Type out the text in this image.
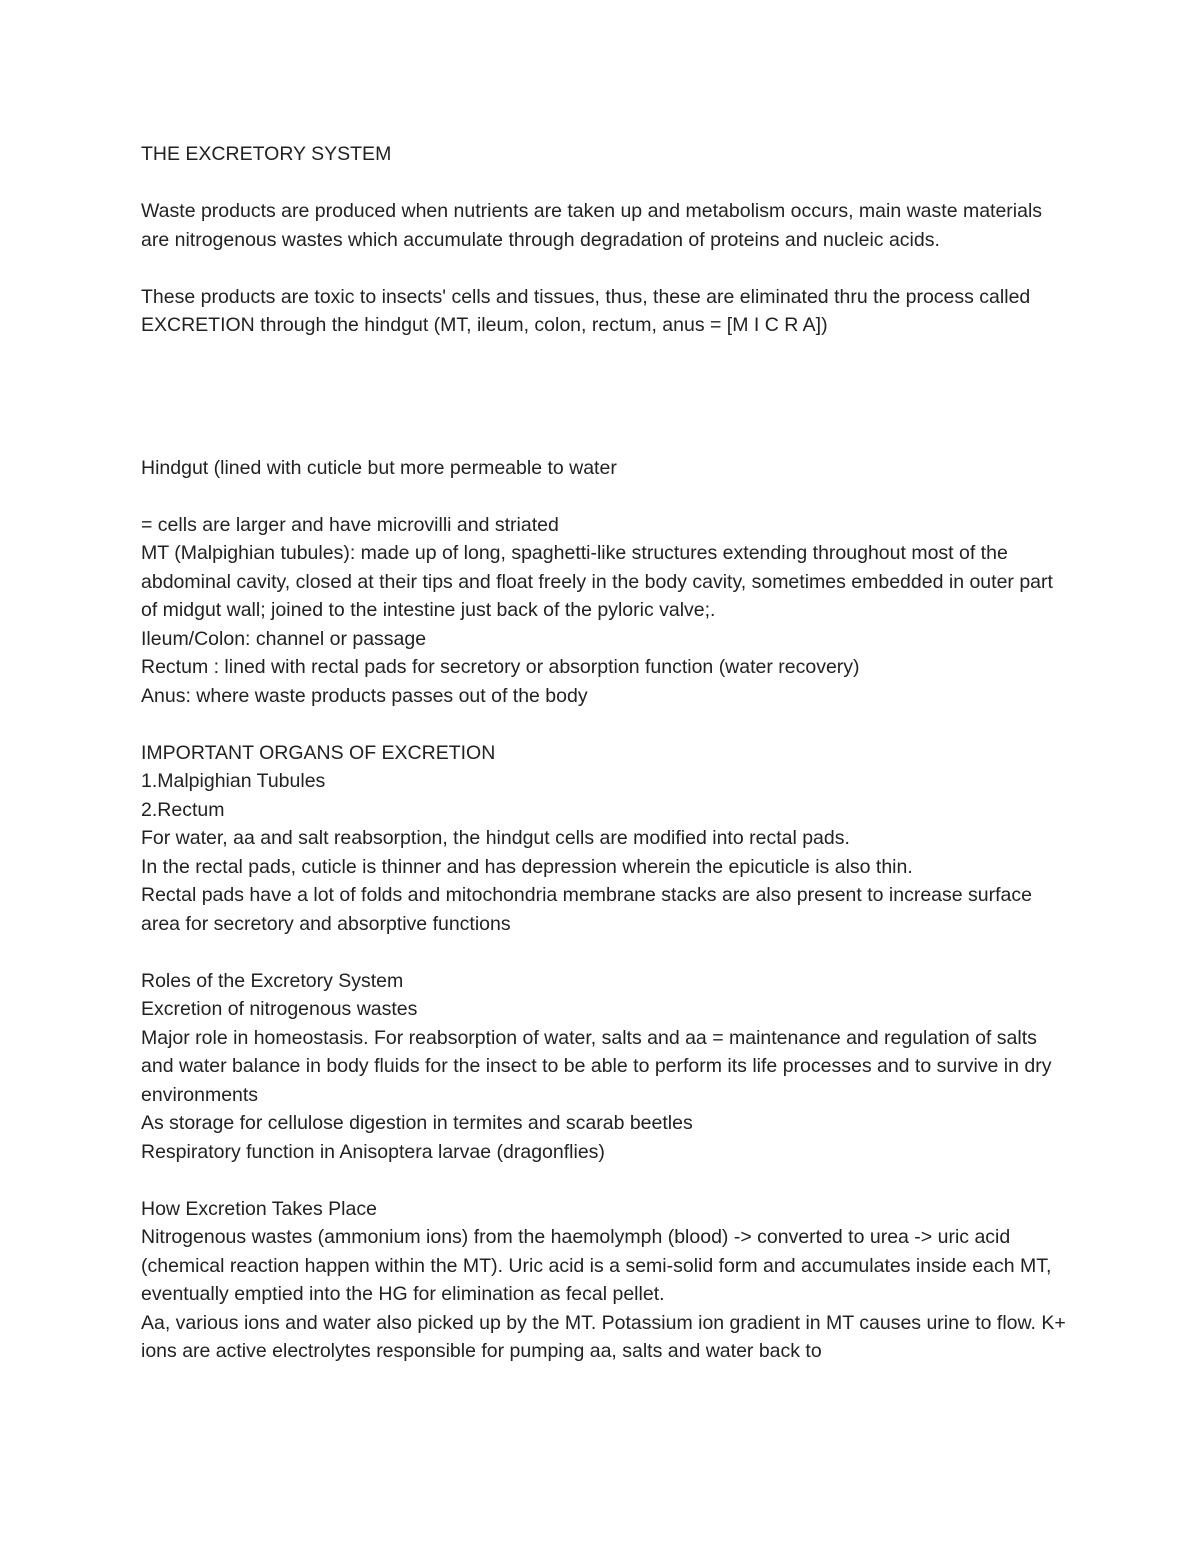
THE EXCRETORY SYSTEM

Waste products are produced when nutrients are taken up and metabolism occurs, main waste materials are nitrogenous wastes which accumulate through degradation of proteins and nucleic acids.

These products are toxic to insects' cells and tissues, thus, these are eliminated thru the process called EXCRETION through the hindgut (MT, ileum, colon, rectum, anus = [M I C R A])

Hindgut (lined with cuticle but more permeable to water

= cells are larger and have microvilli and striated

MT (Malpighian tubules): made up of long, spaghetti-like structures extending throughout most of the abdominal cavity, closed at their tips and float freely in the body cavity, sometimes embedded in outer part of midgut wall; joined to the intestine just back of the pyloric valve;.

Ileum/Colon: channel or passage

Rectum : lined with rectal pads for secretory or absorption function (water recovery)

Anus: where waste products passes out of the body

IMPORTANT ORGANS OF EXCRETION

1.Malpighian Tubules

2.Rectum

For water, aa and salt reabsorption, the hindgut cells are modified into rectal pads.

In the rectal pads, cuticle is thinner and has depression wherein the epicuticle is also thin.

Rectal pads have a lot of folds and mitochondria membrane stacks are also present to increase surface area for secretory and absorptive functions

Roles of the Excretory System

Excretion of nitrogenous wastes

Major role in homeostasis. For reabsorption of water, salts and aa = maintenance and regulation of salts and water balance in body fluids for the insect to be able to perform its life processes and to survive in dry environments

As storage for cellulose digestion in termites and scarab beetles

Respiratory function in Anisoptera larvae (dragonflies)

How Excretion Takes Place

Nitrogenous wastes (ammonium ions) from the haemolymph (blood) -> converted to urea -> uric acid (chemical reaction happen within the MT). Uric acid is a semi-solid form and accumulates inside each MT, eventually emptied into the HG for elimination as fecal pellet.

Aa, various ions and water also picked up by the MT. Potassium ion gradient in MT causes urine to flow. K+ ions are active electrolytes responsible for pumping aa, salts and water back to
